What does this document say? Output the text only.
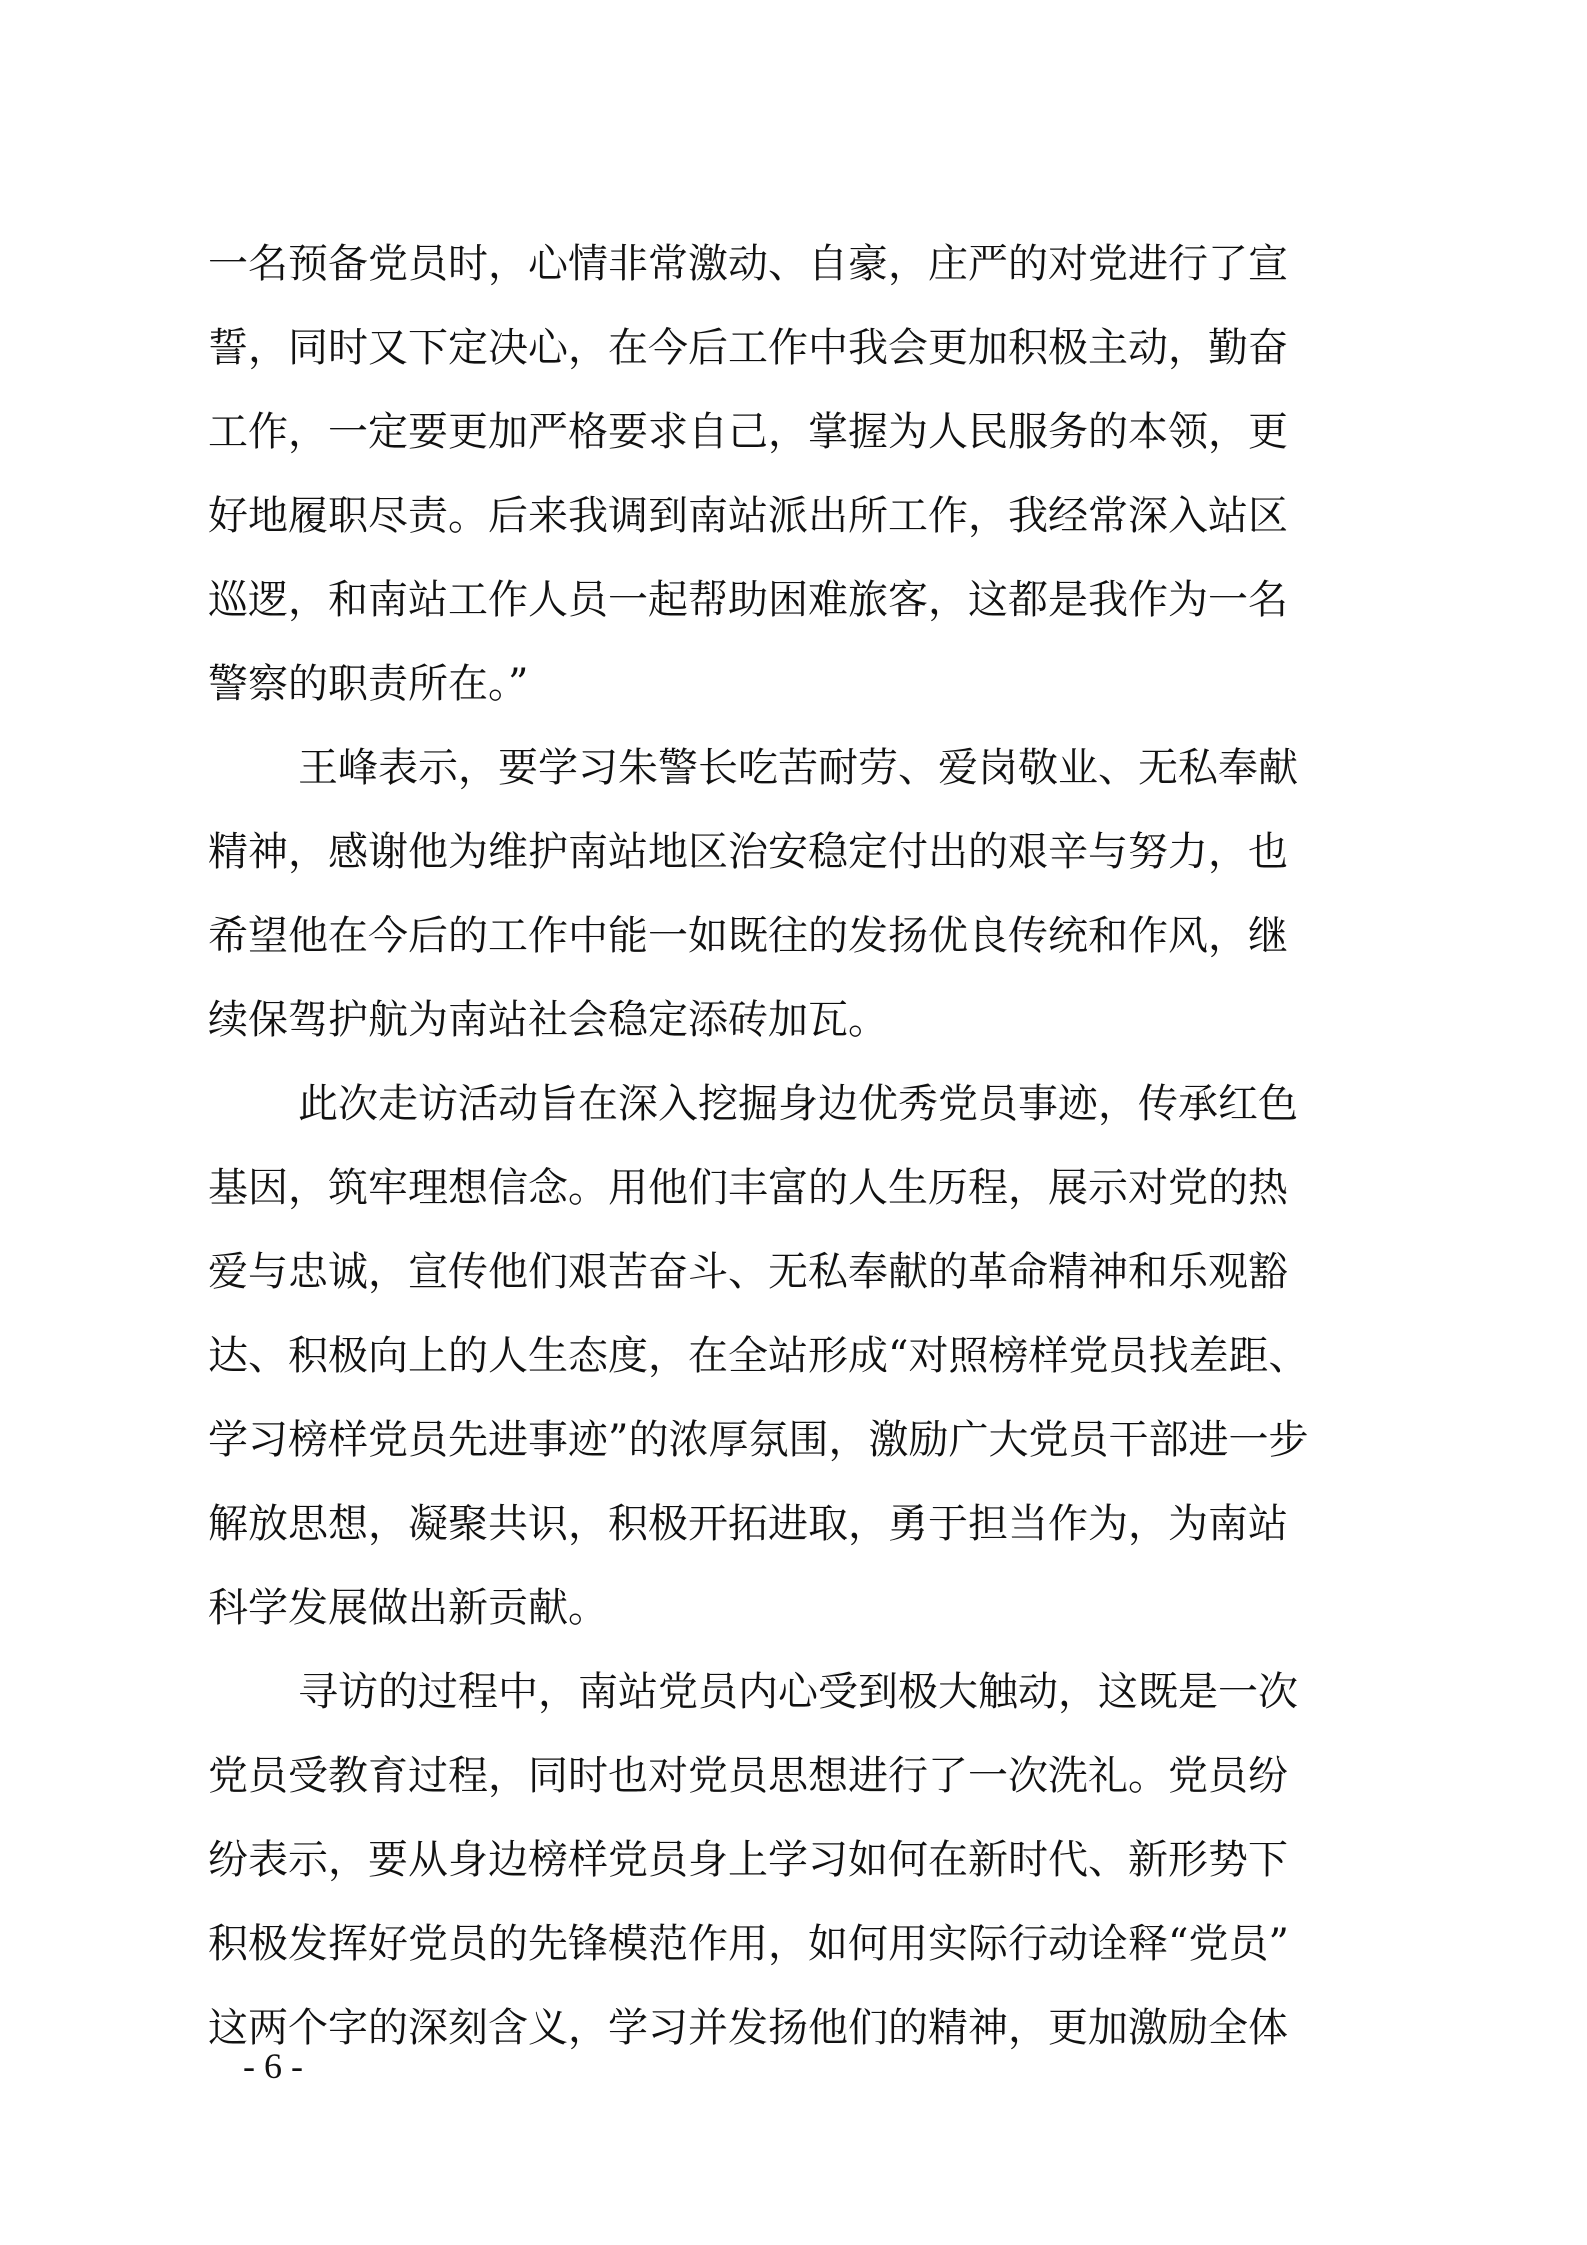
一名预备党员时，心情非常激动、自豪，庄严的对党进行了宣
誓，同时又下定决心，在今后工作中我会更加积极主动，勤奋
工作，一定要更加严格要求自己，掌握为人民服务的本领，更
好地履职尽责。后来我调到南站派出所工作，我经常深入站区
巡逻，和南站工作人员一起帮助困难旅客，这都是我作为一名
警察的职责所在。”
王峰表示，要学习朱警长吃苦耐劳、爱岗敬业、无私奉献
精神，感谢他为维护南站地区治安稳定付出的艰辛与努力，也
希望他在今后的工作中能一如既往的发扬优良传统和作风，继
续保驾护航为南站社会稳定添砖加瓦。
此次走访活动旨在深入挖掘身边优秀党员事迹，传承红色
基因，筑牢理想信念。用他们丰富的人生历程，展示对党的热
爱与忠诚，宣传他们艰苦奋斗、无私奉献的革命精神和乐观豁
达、积极向上的人生态度，在全站形成“对照榜样党员找差距、
学习榜样党员先进事迹”的浓厚氛围，激励广大党员干部进一步
解放思想，凝聚共识，积极开拓进取，勇于担当作为，为南站
科学发展做出新贡献。
寻访的过程中，南站党员内心受到极大触动，这既是一次
党员受教育过程，同时也对党员思想进行了一次洗礼。党员纷
纷表示，要从身边榜样党员身上学习如何在新时代、新形势下
积极发挥好党员的先锋模范作用，如何用实际行动诠释“党员”
这两个字的深刻含义，学习并发扬他们的精神，更加激励全体
- 6 -
